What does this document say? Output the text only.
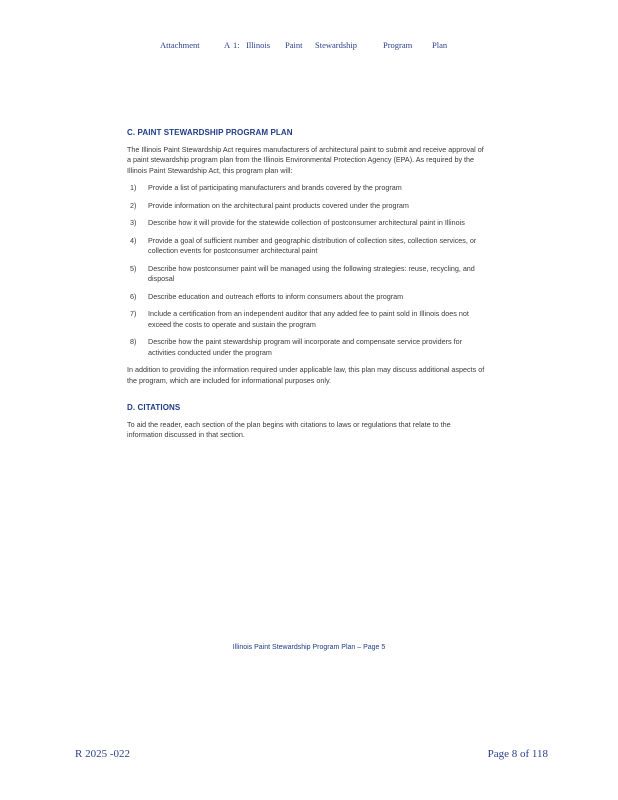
Attachment	A 1: Illinois Paint Stewardship	Program Plan
C. PAINT STEWARDSHIP PROGRAM PLAN

The Illinois Paint Stewardship Act requires manufacturers of architectural paint to submit and receive approval of a paint stewardship program plan from the Illinois Environmental Protection Agency (EPA). As required by the Illinois Paint Stewardship Act, this program plan will:

1)	Provide a list of participating manufacturers and brands covered by the program
2)	Provide information on the architectural paint products covered under the program
3)	Describe how it will provide for the statewide collection of postconsumer architectural paint in Illinois
4)	Provide a goal of sufficient number and geographic distribution of collection sites, collection services, or collection events for postconsumer architectural paint
5)	Describe how postconsumer paint will be managed using the following strategies: reuse, recycling, and disposal
6)	Describe education and outreach efforts to inform consumers about the program
7)	Include a certification from an independent auditor that any added fee to paint sold in Illinois does not exceed the costs to operate and sustain the program
8)	Describe how the paint stewardship program will incorporate and compensate service providers for activities conducted under the program

In addition to providing the information required under applicable law, this plan may discuss additional aspects of the program, which are included for informational purposes only.

D. CITATIONS

To aid the reader, each section of the plan begins with citations to laws or regulations that relate to the information discussed in that section.

Illinois Paint Stewardship Program Plan – Page 5
R 2025 -022	Page 8 of 118
